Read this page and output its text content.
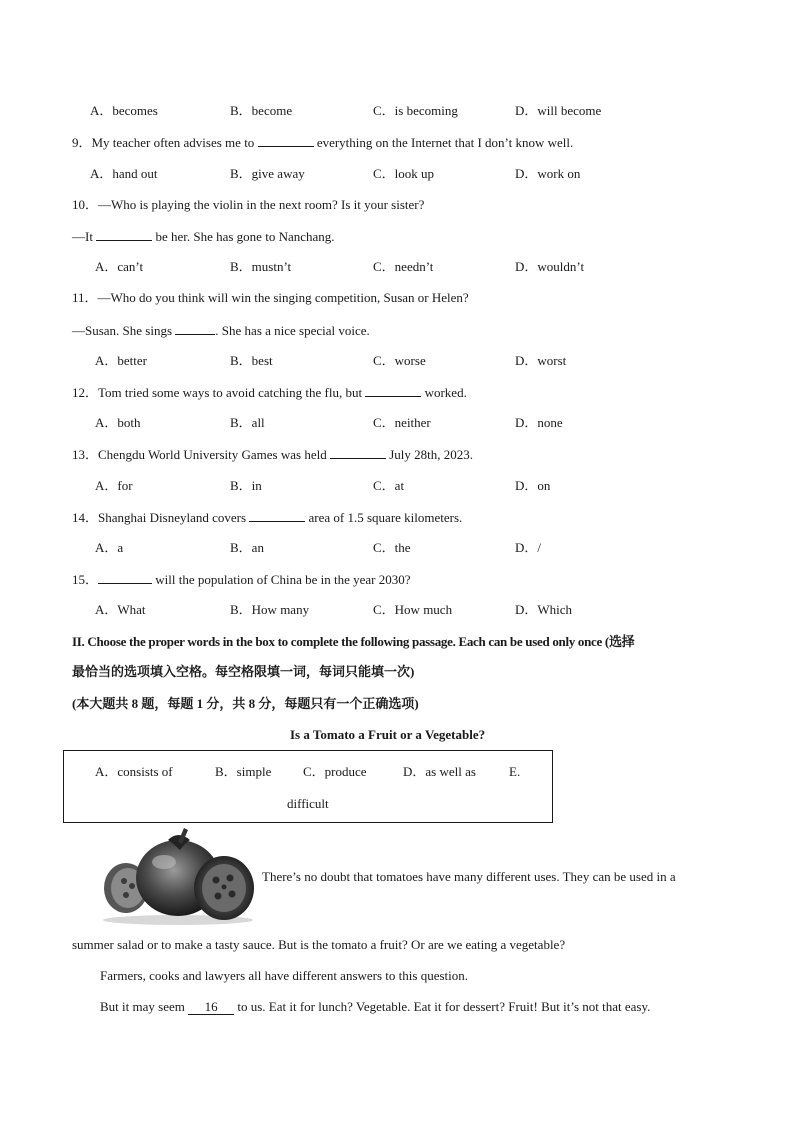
A．becomes	B．become	C．is becoming	D．will become
9．My teacher often advises me to	everything on the Internet that I don’t know well.
A．hand out	B．give away	C．look up	D．work on
10．—Who is playing the violin in the next room? Is it your sister?
—It	be her. She has gone to Nanchang.
A．can’t	B．mustn’t	C．needn’t	D．wouldn’t
11．—Who do you think will win the singing competition, Susan or Helen?
—Susan. She sings	. She has a nice special voice.
A．better	B．best	C．worse	D．worst
12．Tom tried some ways to avoid catching the flu, but	worked.
A．both	B．all	C．neither	D．none
13．Chengdu World University Games was held	July 28th, 2023.
A．for	B．in	C．at	D．on
14．Shanghai Disneyland covers	area of 1.5 square kilometers.
A．a	B．an	C．the	D．/
15．	will the population of China be in the year 2030?
A．What	B．How many	C．How much	D．Which
II. Choose the proper words in the box to complete the following passage. Each can be used only once (选择
最恰当的选项填入空格。每空格限填一词，每词只能填一次)
(本大题共 8 题，每题 1 分，共 8 分，每题只有一个正确选项)
Is a Tomato a Fruit or a Vegetable?
A．consists of	B．simple C．produce	D．as well as	E.
difficult
There’s no doubt that tomatoes have many different uses. They can be used in a
summer salad or to make a tasty sauce. But is the tomato a fruit? Or are we eating a vegetable?
Farmers, cooks and lawyers all have different answers to this question.
But it may seem 16 to us. Eat it for lunch? Vegetable. Eat it for dessert? Fruit! But it’s not that easy.
